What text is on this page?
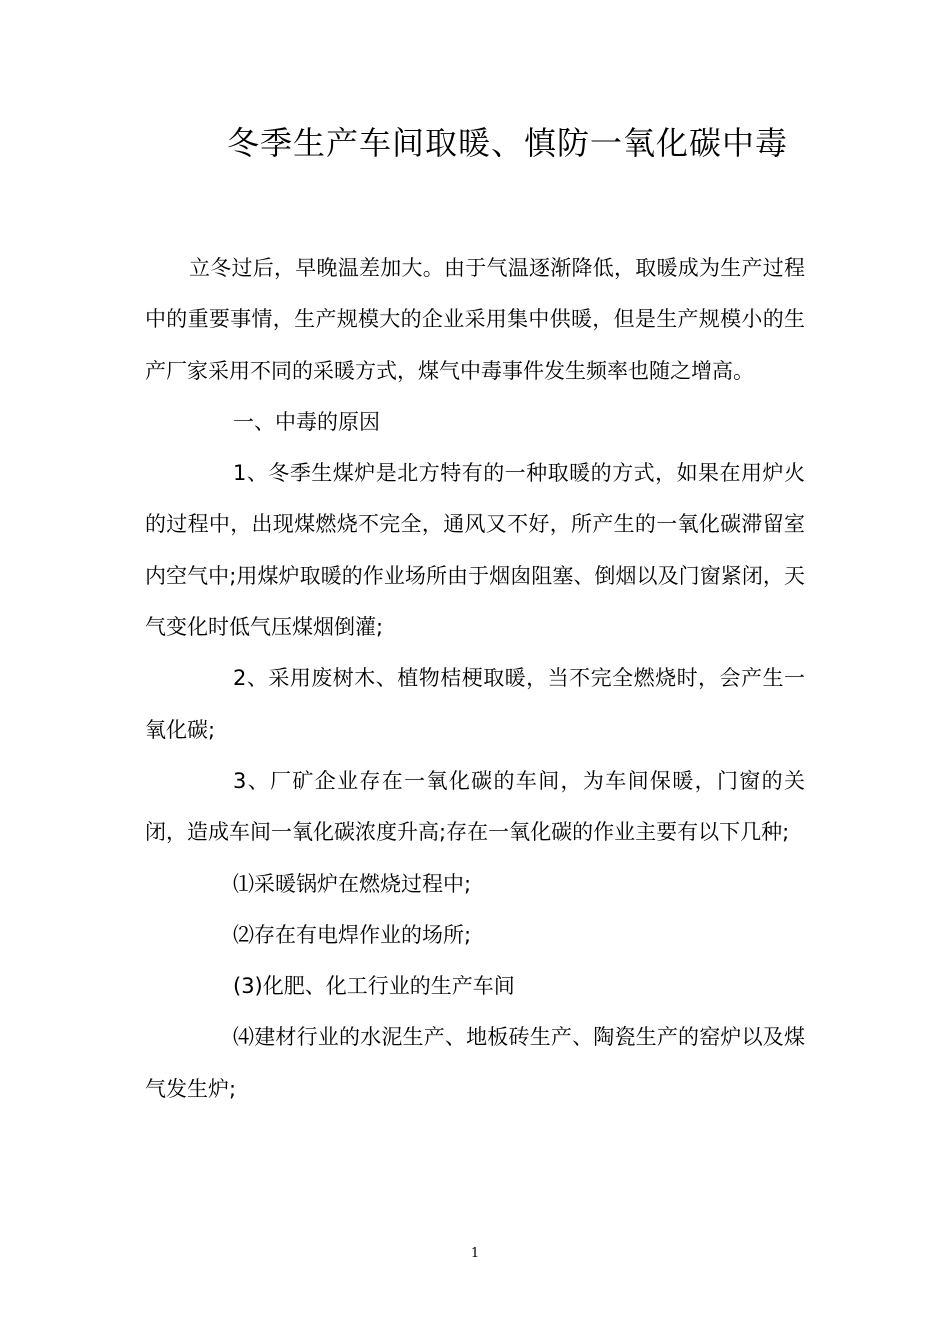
冬季生产车间取暖、慎防一氧化碳中毒

立冬过后，早晚温差加大。由于气温逐渐降低，取暖成为生产过程中的重要事情，生产规模大的企业采用集中供暖，但是生产规模小的生产厂家采用不同的采暖方式，煤气中毒事件发生频率也随之增高。

一、中毒的原因

1、冬季生煤炉是北方特有的一种取暖的方式，如果在用炉火的过程中，出现煤燃烧不完全，通风又不好，所产生的一氧化碳滞留室内空气中;用煤炉取暖的作业场所由于烟囱阻塞、倒烟以及门窗紧闭，天气变化时低气压煤烟倒灌;

2、采用废树木、植物桔梗取暖，当不完全燃烧时，会产生一氧化碳;

3、厂矿企业存在一氧化碳的车间，为车间保暖，门窗的关闭，造成车间一氧化碳浓度升高;存在一氧化碳的作业主要有以下几种;

⑴采暖锅炉在燃烧过程中;

⑵存在有电焊作业的场所;

(3)化肥、化工行业的生产车间

⑷建材行业的水泥生产、地板砖生产、陶瓷生产的窑炉以及煤气发生炉;

1
